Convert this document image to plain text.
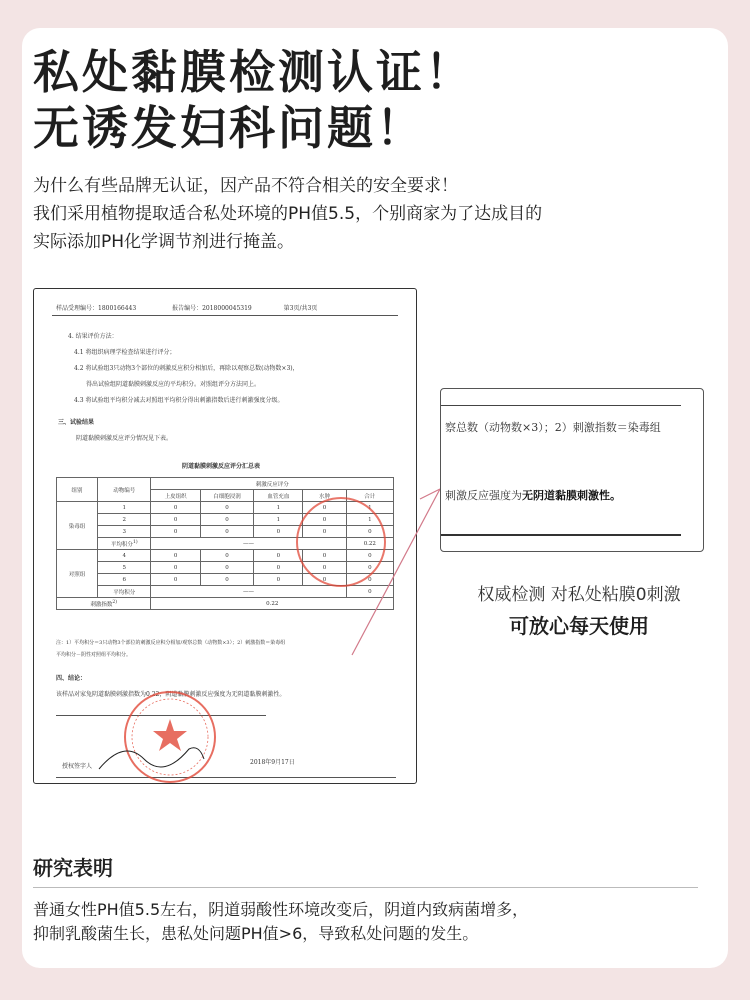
私处黏膜检测认证！
无诱发妇科问题！
为什么有些品牌无认证，因产品不符合相关的安全要求！
我们采用植物提取适合私处环境的PH值5.5，个别商家为了达成目的
实际添加PH化学调节剂进行掩盖。
样品受理编号：1800166443	报告编号：2018000045319	第3页/共3页
4. 结果评价方法：
4.1 将组织病理学检查结果进行评分；
4.2 将试验组3只动物3个部位的刺激反应积分相加后，再除以观察总数(动物数×3)，
得出试验组阴道黏膜刺激反应的平均积分。对照组评分方法同上。
4.3 将试验组平均积分减去对照组平均积分得出刺激指数后进行刺激强度分级。
三、试验结果
阴道黏膜刺激反应评分情况见下表。
阴道黏膜刺激反应评分汇总表
组别	动物编号	刺激反应评分				
		上皮组织	白细胞浸润	血管充血	水肿	合计
染毒组	1	0	0	1	0	1
	2	0	0	1	0	1
	3	0	0	0	0	0
	平均积分$^{1)}$	——				0.22
对照组	4	0	0	0	0	0
	5	0	0	0	0	0
	6	0	0	0	0	0
	平均积分	——				0
刺激指数$^{2)}$		0.22				
注：1）平均积分＝3只动物3个部位的刺激反应积分相加/观察总数（动物数×3）；2）刺激指数＝染毒组
平均积分－阴性对照组平均积分。
四、结论：
该样品对家兔阴道黏膜刺激指数为0.22，阴道黏膜刺激反应强度为无阴道黏膜刺激性。
授权签字人
2018年9月17日
察总数（动物数×3）；2）刺激指数＝染毒组
刺激反应强度为无阴道黏膜刺激性。
权威检测 对私处粘膜0刺激
可放心每天使用
研究表明
普通女性PH值5.5左右，阴道弱酸性环境改变后，阴道内致病菌增多，
抑制乳酸菌生长，患私处问题PH值>6，导致私处问题的发生。
